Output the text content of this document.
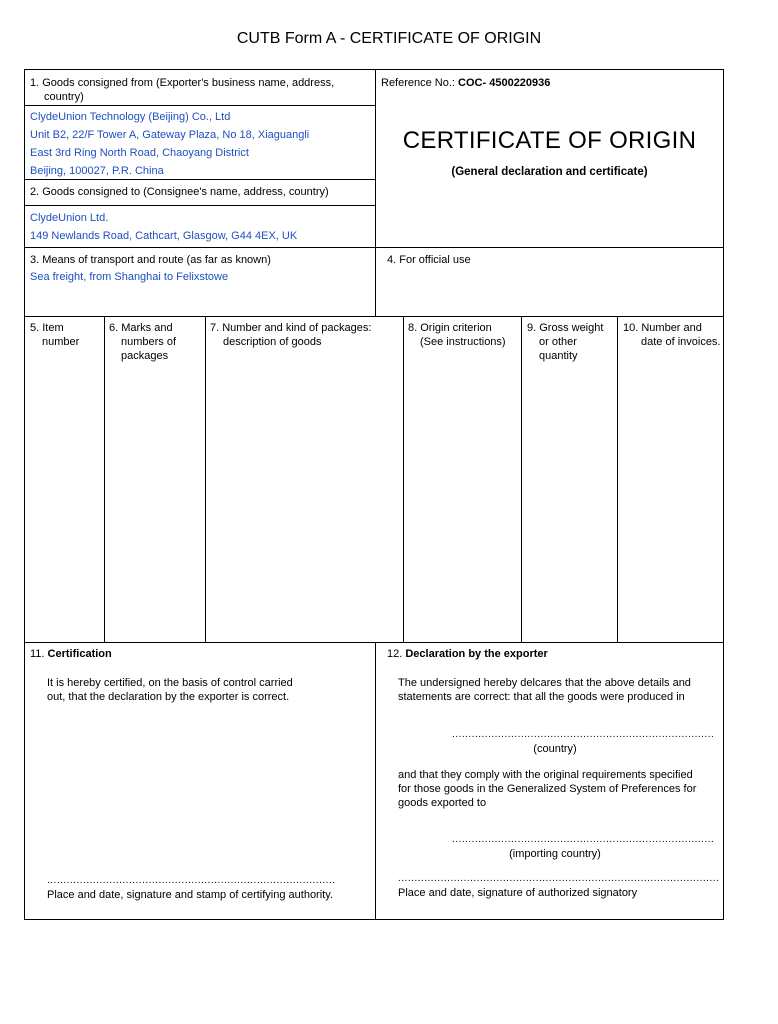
CUTB Form A - CERTIFICATE OF ORIGIN
1. Goods consigned from (Exporter's business name, address,
country)
ClydeUnion Technology (Beijing) Co., Ltd
Unit B2, 22/F Tower A, Gateway Plaza, No 18, Xiaguangli
East 3rd Ring North Road, Chaoyang District
Beijing, 100027, P.R. China
2. Goods consigned to (Consignee's name, address, country)
ClydeUnion Ltd.
149 Newlands Road, Cathcart, Glasgow, G44 4EX, UK
Reference No.: COC- 4500220936
CERTIFICATE OF ORIGIN
(General declaration and certificate)
3. Means of transport and route (as far as known)
Sea freight, from Shanghai to Felixstowe
4. For official use
5. Item
number
6. Marks and
numbers of
packages
7. Number and kind of packages:
description of goods
8. Origin criterion
(See instructions)
9. Gross weight
or other
quantity
10. Number and
date of invoices.
11. Certification
It is hereby certified, on the basis of control carried
out, that the declaration by the exporter is correct.
........................................................................................
Place and date, signature and stamp of certifying authority.
12. Declaration by the exporter
The undersigned hereby delcares that the above details and
statements are correct: that all the goods were produced in
................................................................................
(country)
and that they comply with the original requirements specified
for those goods in the Generalized System of Preferences for
goods exported to
................................................................................
(importing country)
..................................................................................................
Place and date, signature of authorized signatory
